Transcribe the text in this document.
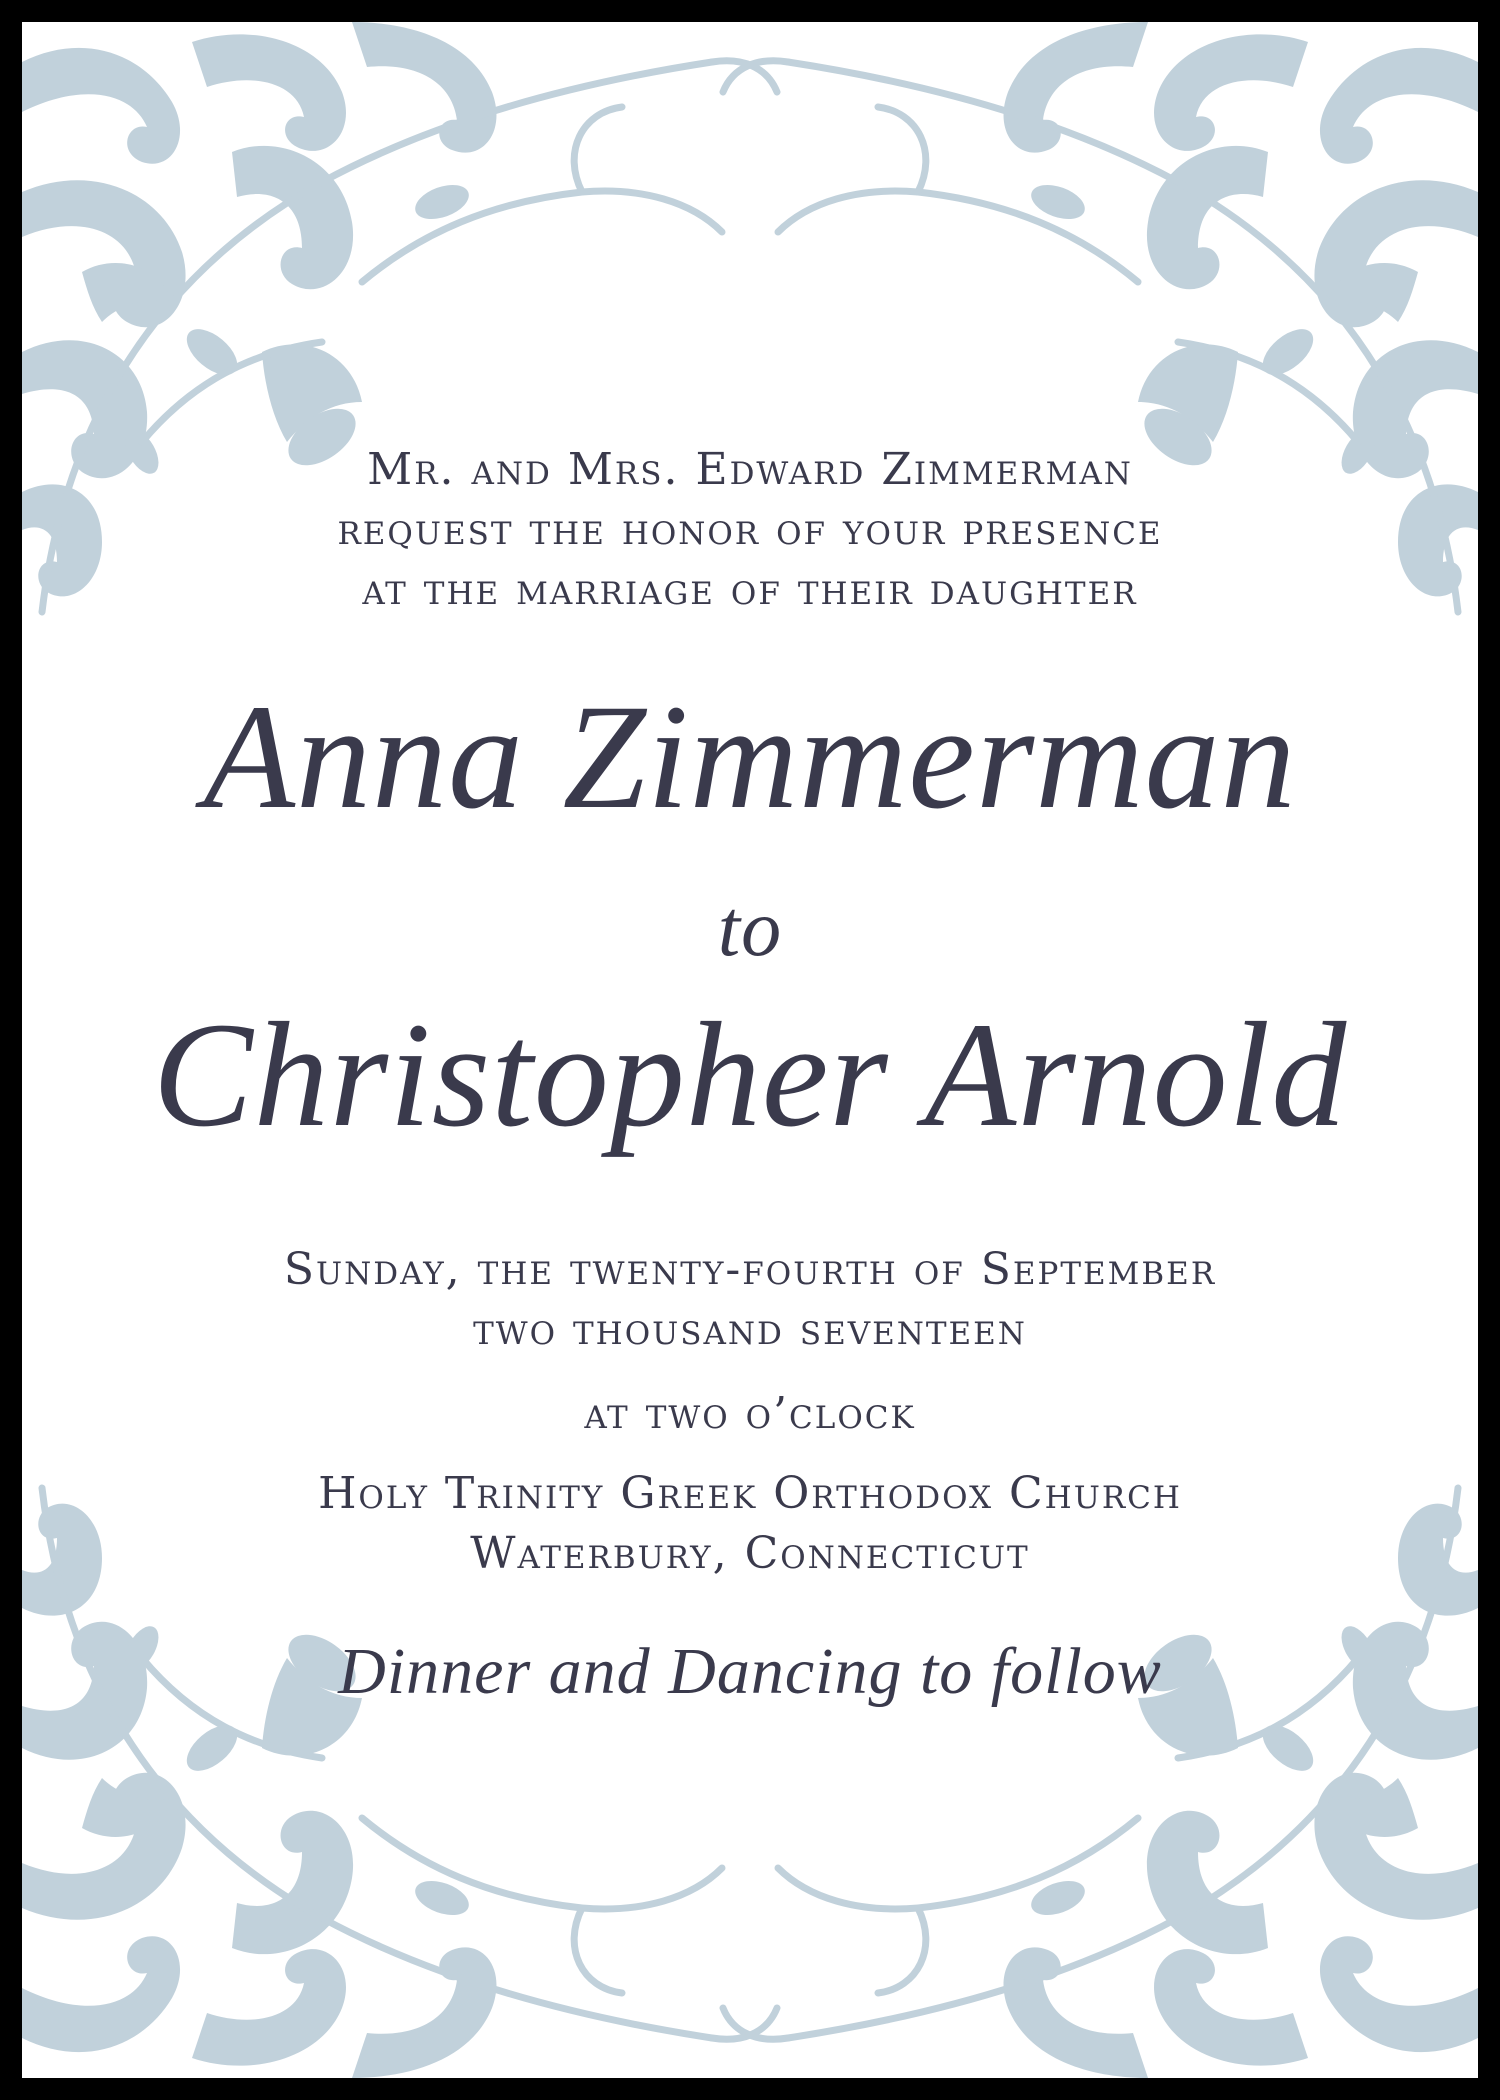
Mr. and Mrs. Edward Zimmerman

request the honor of your presence

at the marriage of their daughter

Anna Zimmerman

to

Christopher Arnold

Sunday, the twenty-fourth of September

two thousand seventeen

at two o’clock

Holy Trinity Greek Orthodox Church

Waterbury, Connecticut

Dinner and Dancing to follow
